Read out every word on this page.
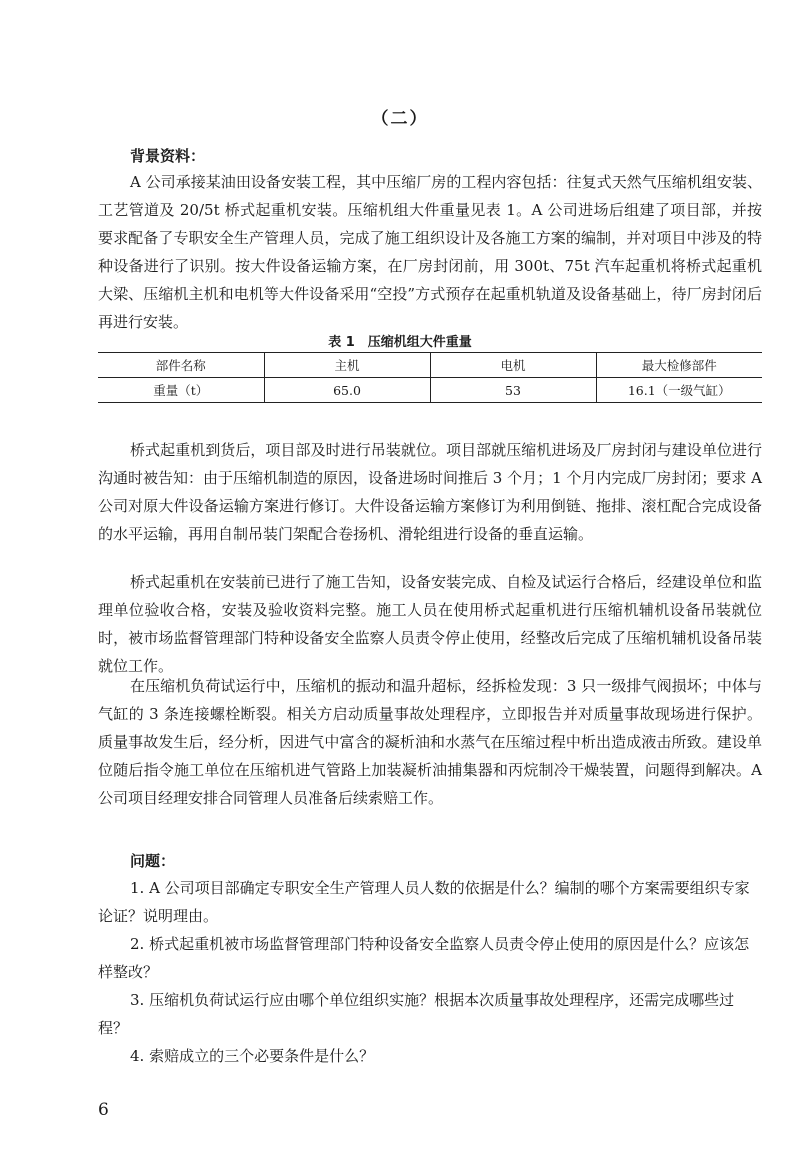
（二）
背景资料：

A 公司承接某油田设备安装工程，其中压缩厂房的工程内容包括：往复式天然气压缩机组安装、工艺管道及 20/5t 桥式起重机安装。压缩机组大件重量见表 1。A 公司进场后组建了项目部，并按要求配备了专职安全生产管理人员，完成了施工组织设计及各施工方案的编制，并对项目中涉及的特种设备进行了识别。按大件设备运输方案，在厂房封闭前，用 300t、75t 汽车起重机将桥式起重机大梁、压缩机主机和电机等大件设备采用“空投”方式预存在起重机轨道及设备基础上，待厂房封闭后再进行安装。

表 1　压缩机组大件重量
部件名称	主机	电机	最大检修部件
重量（t）	65.0	53	16.1（一级气缸）

桥式起重机到货后，项目部及时进行吊装就位。项目部就压缩机进场及厂房封闭与建设单位进行沟通时被告知：由于压缩机制造的原因，设备进场时间推后 3 个月；1 个月内完成厂房封闭；要求 A 公司对原大件设备运输方案进行修订。大件设备运输方案修订为利用倒链、拖排、滚杠配合完成设备的水平运输，再用自制吊装门架配合卷扬机、滑轮组进行设备的垂直运输。

桥式起重机在安装前已进行了施工告知，设备安装完成、自检及试运行合格后，经建设单位和监理单位验收合格，安装及验收资料完整。施工人员在使用桥式起重机进行压缩机辅机设备吊装就位时，被市场监督管理部门特种设备安全监察人员责令停止使用，经整改后完成了压缩机辅机设备吊装就位工作。

在压缩机负荷试运行中，压缩机的振动和温升超标，经拆检发现：3 只一级排气阀损坏；中体与气缸的 3 条连接螺栓断裂。相关方启动质量事故处理程序，立即报告并对质量事故现场进行保护。质量事故发生后，经分析，因进气中富含的凝析油和水蒸气在压缩过程中析出造成液击所致。建设单位随后指令施工单位在压缩机进气管路上加装凝析油捕集器和丙烷制冷干燥装置，问题得到解决。A 公司项目经理安排合同管理人员准备后续索赔工作。

问题：

1. A 公司项目部确定专职安全生产管理人员人数的依据是什么？编制的哪个方案需要组织专家论证？说明理由。

2. 桥式起重机被市场监督管理部门特种设备安全监察人员责令停止使用的原因是什么？应该怎样整改？

3. 压缩机负荷试运行应由哪个单位组织实施？根据本次质量事故处理程序，还需完成哪些过程？

4. 索赔成立的三个必要条件是什么？

6
